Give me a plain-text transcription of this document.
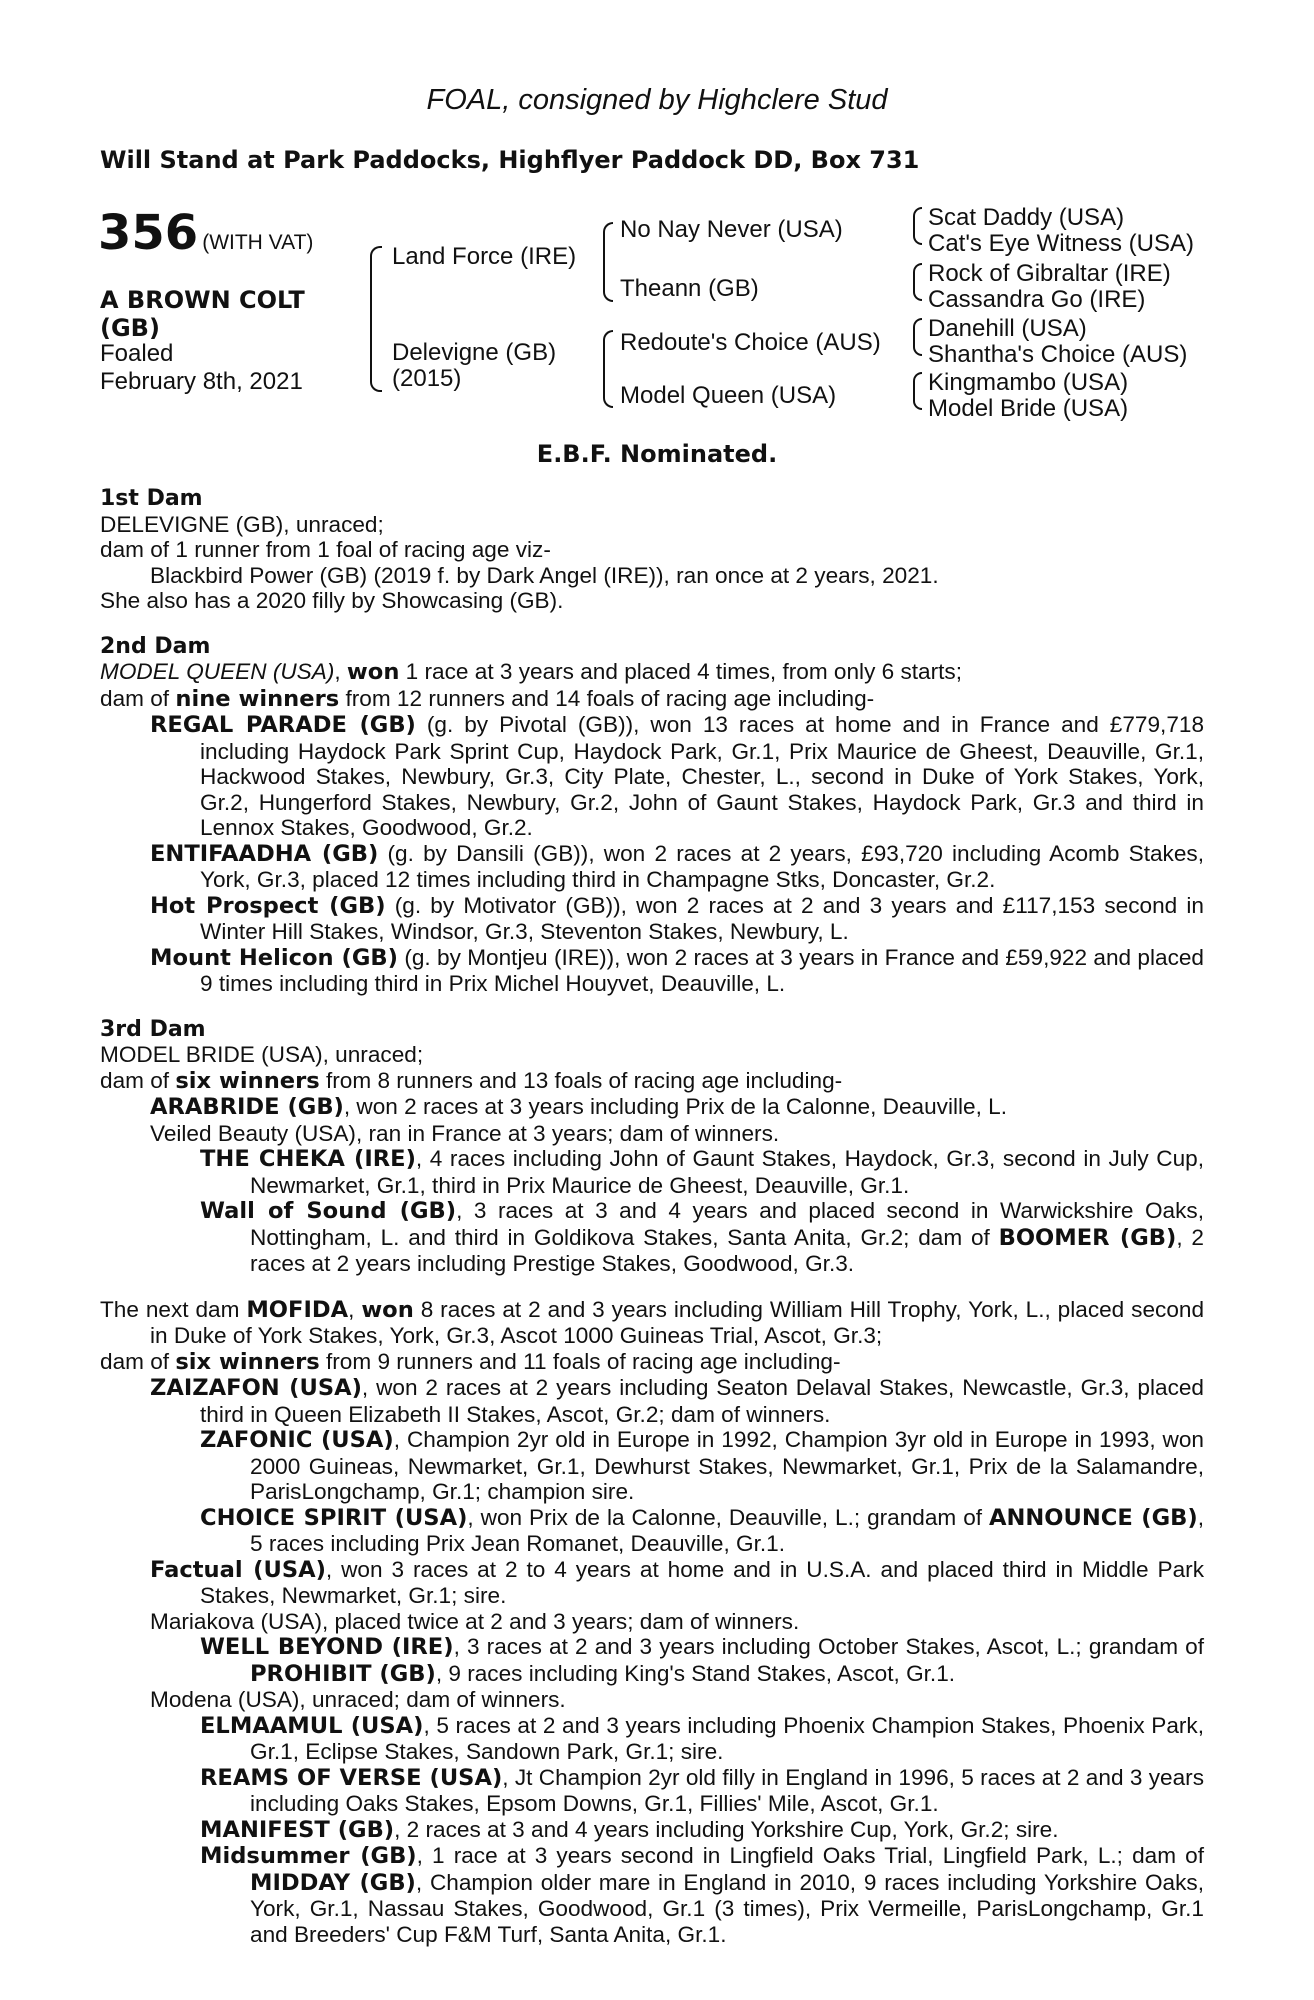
FOAL, consigned by Highclere Stud
Will Stand at Park Paddocks, Highflyer Paddock DD, Box 731
356 (WITH VAT)
A BROWN COLT (GB)
Foaled
February 8th, 2021
Land Force (IRE)
Delevigne (GB)
(2015)
No Nay Never (USA)
Theann (GB)
Redoute's Choice (AUS)
Model Queen (USA)
Scat Daddy (USA)
Cat's Eye Witness (USA)
Rock of Gibraltar (IRE)
Cassandra Go (IRE)
Danehill (USA)
Shantha's Choice (AUS)
Kingmambo (USA)
Model Bride (USA)
E.B.F. Nominated.
1st Dam

DELEVIGNE (GB), unraced;

dam of 1 runner from 1 foal of racing age viz-

Blackbird Power (GB) (2019 f. by Dark Angel (IRE)), ran once at 2 years, 2021.

She also has a 2020 filly by Showcasing (GB).

2nd Dam

MODEL QUEEN (USA), won 1 race at 3 years and placed 4 times, from only 6 starts;

dam of nine winners from 12 runners and 14 foals of racing age including-

REGAL PARADE (GB) (g. by Pivotal (GB)), won 13 races at home and in France and £779,718 including Haydock Park Sprint Cup, Haydock Park, Gr.1, Prix Maurice de Gheest, Deauville, Gr.1, Hackwood Stakes, Newbury, Gr.3, City Plate, Chester, L., second in Duke of York Stakes, York, Gr.2, Hungerford Stakes, Newbury, Gr.2, John of Gaunt Stakes, Haydock Park, Gr.3 and third in Lennox Stakes, Goodwood, Gr.2.

ENTIFAADHA (GB) (g. by Dansili (GB)), won 2 races at 2 years, £93,720 including Acomb Stakes, York, Gr.3, placed 12 times including third in Champagne Stks, Doncaster, Gr.2.

Hot Prospect (GB) (g. by Motivator (GB)), won 2 races at 2 and 3 years and £117,153 second in Winter Hill Stakes, Windsor, Gr.3, Steventon Stakes, Newbury, L.

Mount Helicon (GB) (g. by Montjeu (IRE)), won 2 races at 3 years in France and £59,922 and placed 9 times including third in Prix Michel Houyvet, Deauville, L.

3rd Dam

MODEL BRIDE (USA), unraced;

dam of six winners from 8 runners and 13 foals of racing age including-

ARABRIDE (GB), won 2 races at 3 years including Prix de la Calonne, Deauville, L.

Veiled Beauty (USA), ran in France at 3 years; dam of winners.

THE CHEKA (IRE), 4 races including John of Gaunt Stakes, Haydock, Gr.3, second in July Cup, Newmarket, Gr.1, third in Prix Maurice de Gheest, Deauville, Gr.1.

Wall of Sound (GB), 3 races at 3 and 4 years and placed second in Warwickshire Oaks, Nottingham, L. and third in Goldikova Stakes, Santa Anita, Gr.2; dam of BOOMER (GB), 2 races at 2 years including Prestige Stakes, Goodwood, Gr.3.

The next dam MOFIDA, won 8 races at 2 and 3 years including William Hill Trophy, York, L., placed second in Duke of York Stakes, York, Gr.3, Ascot 1000 Guineas Trial, Ascot, Gr.3;

dam of six winners from 9 runners and 11 foals of racing age including-

ZAIZAFON (USA), won 2 races at 2 years including Seaton Delaval Stakes, Newcastle, Gr.3, placed third in Queen Elizabeth II Stakes, Ascot, Gr.2; dam of winners.

ZAFONIC (USA), Champion 2yr old in Europe in 1992, Champion 3yr old in Europe in 1993, won 2000 Guineas, Newmarket, Gr.1, Dewhurst Stakes, Newmarket, Gr.1, Prix de la Salamandre, ParisLongchamp, Gr.1; champion sire.

CHOICE SPIRIT (USA), won Prix de la Calonne, Deauville, L.; grandam of ANNOUNCE (GB), 5 races including Prix Jean Romanet, Deauville, Gr.1.

Factual (USA), won 3 races at 2 to 4 years at home and in U.S.A. and placed third in Middle Park Stakes, Newmarket, Gr.1; sire.

Mariakova (USA), placed twice at 2 and 3 years; dam of winners.

WELL BEYOND (IRE), 3 races at 2 and 3 years including October Stakes, Ascot, L.; grandam of PROHIBIT (GB), 9 races including King's Stand Stakes, Ascot, Gr.1.

Modena (USA), unraced; dam of winners.

ELMAAMUL (USA), 5 races at 2 and 3 years including Phoenix Champion Stakes, Phoenix Park, Gr.1, Eclipse Stakes, Sandown Park, Gr.1; sire.

REAMS OF VERSE (USA), Jt Champion 2yr old filly in England in 1996, 5 races at 2 and 3 years including Oaks Stakes, Epsom Downs, Gr.1, Fillies' Mile, Ascot, Gr.1.

MANIFEST (GB), 2 races at 3 and 4 years including Yorkshire Cup, York, Gr.2; sire.

Midsummer (GB), 1 race at 3 years second in Lingfield Oaks Trial, Lingfield Park, L.; dam of MIDDAY (GB), Champion older mare in England in 2010, 9 races including Yorkshire Oaks, York, Gr.1, Nassau Stakes, Goodwood, Gr.1 (3 times), Prix Vermeille, ParisLongchamp, Gr.1 and Breeders' Cup F&M Turf, Santa Anita, Gr.1.
